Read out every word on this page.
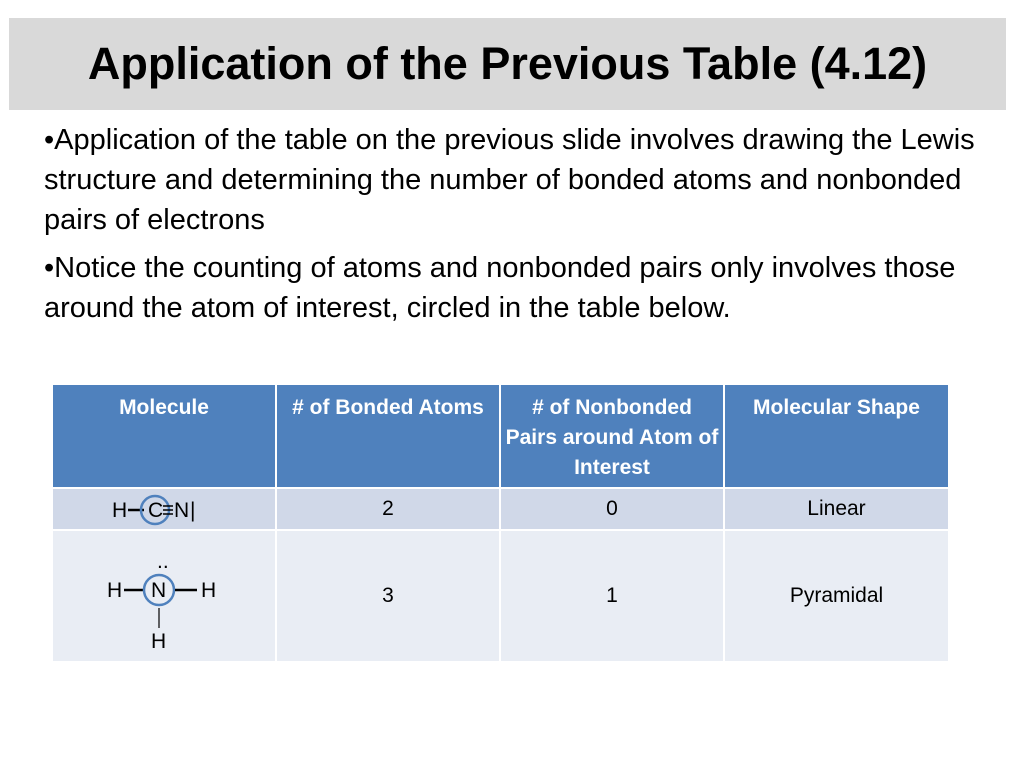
Application of the Previous Table (4.12)
•Application of the table on the previous slide involves drawing the Lewis structure and determining the number of bonded atoms and nonbonded pairs of electrons
•Notice the counting of atoms and nonbonded pairs only involves those around the atom of interest, circled in the table below.
Molecule	# of Bonded Atoms	# of Nonbonded Pairs around Atom of Interest	Molecular Shape

H C N |	2	0	Linear

..
H N H
H	3	1	Pyramidal
